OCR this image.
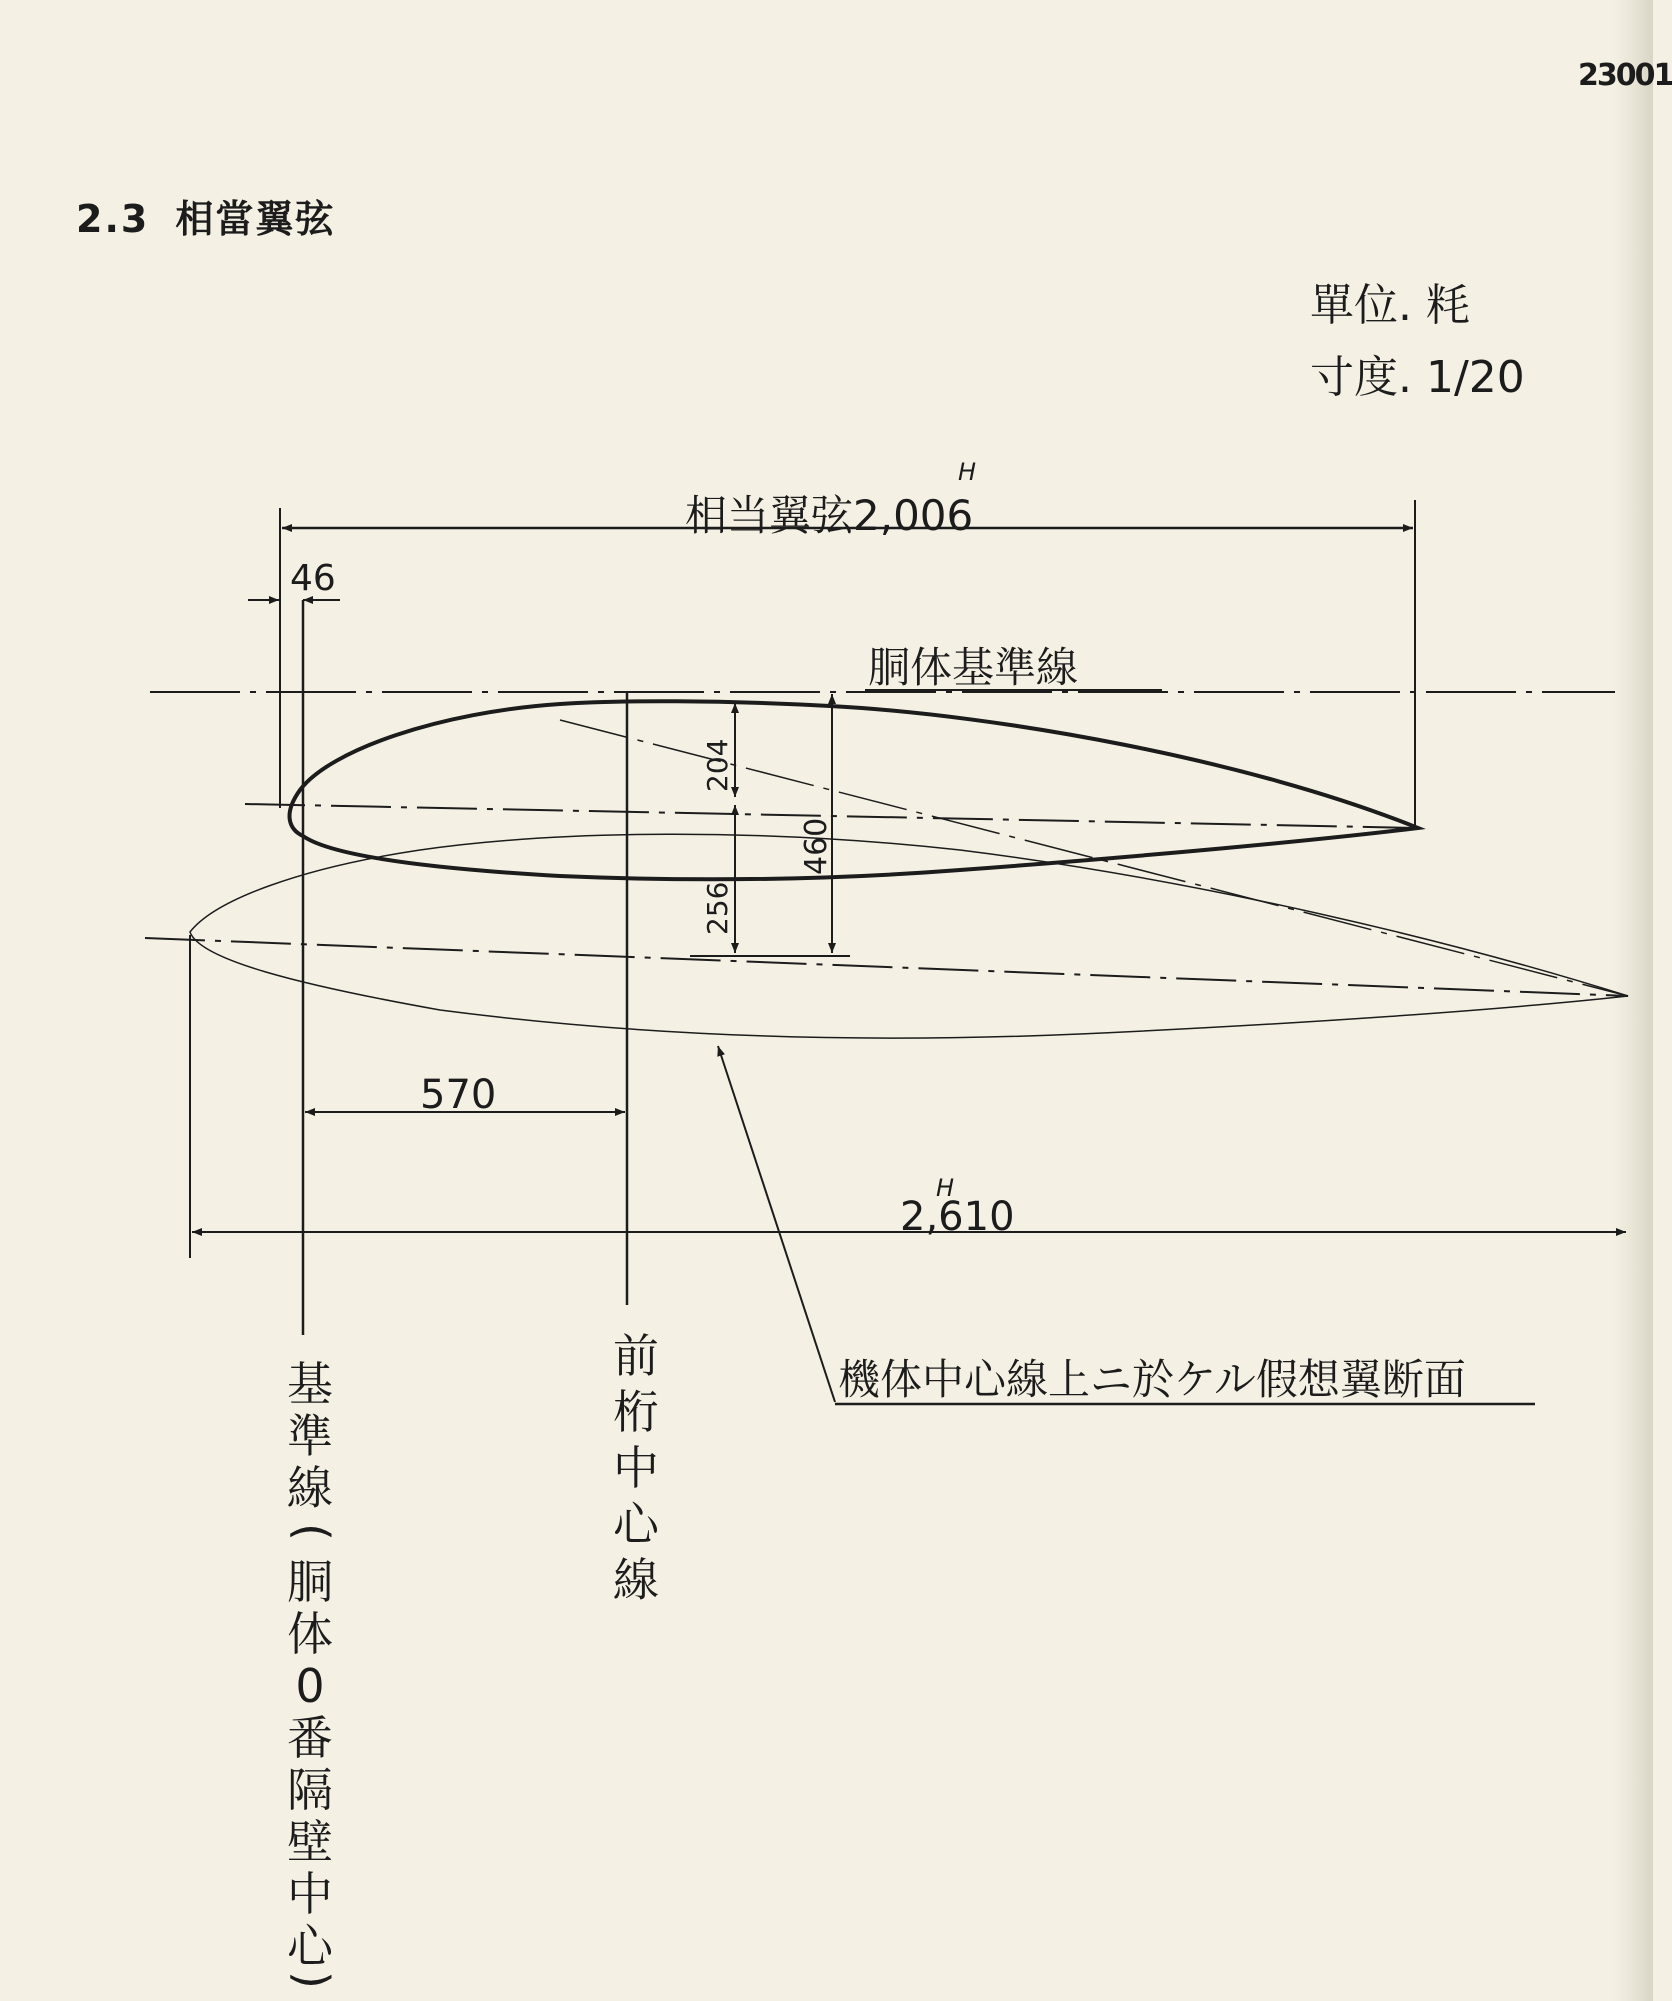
23001
2.3 相當翼弦
單位. 粍
寸度. 1/20
相当翼弦2,006
H
46
胴体基準線
204
256
460
570
2,610
H
機体中心線上ニ於ケル假想翼断面
基
準
線
(
胴
体
0
番
隔
壁
中
心
)
前
桁
中
心
線
